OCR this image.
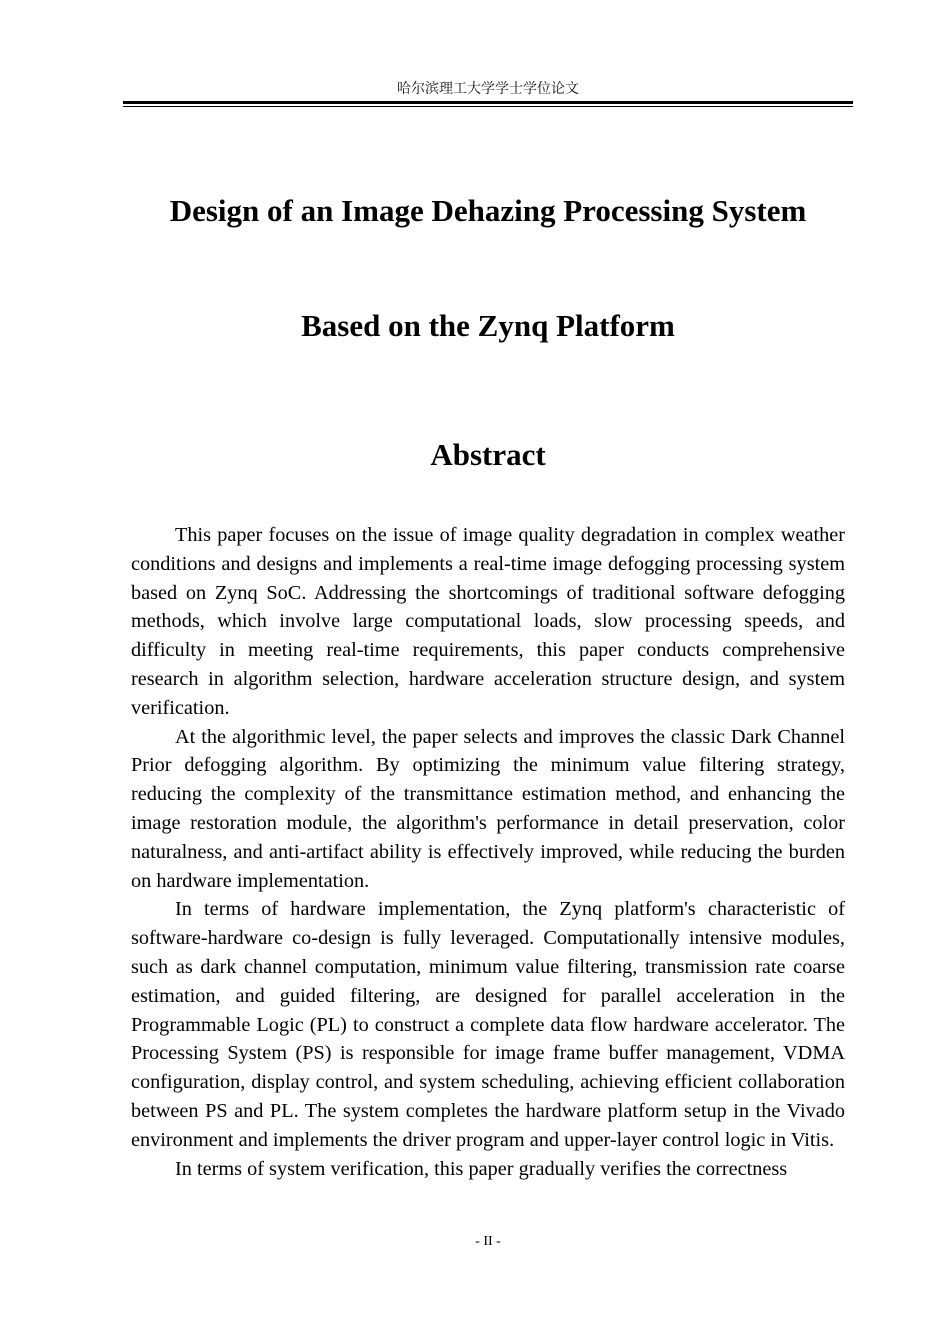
哈尔滨理工大学学士学位论文
Design of an Image Dehazing Processing System
Based on the Zynq Platform
Abstract

This paper focuses on the issue of image quality degradation in complex weather conditions and designs and implements a real-time image defogging processing system based on Zynq SoC. Addressing the shortcomings of traditional software defogging methods, which involve large computational loads, slow processing speeds, and difficulty in meeting real-time requirements, this paper conducts comprehensive research in algorithm selection, hardware acceleration structure design, and system verification.

At the algorithmic level, the paper selects and improves the classic Dark Channel Prior defogging algorithm. By optimizing the minimum value filtering strategy, reducing the complexity of the transmittance estimation method, and enhancing the image restoration module, the algorithm's performance in detail preservation, color naturalness, and anti-artifact ability is effectively improved, while reducing the burden on hardware implementation.

In terms of hardware implementation, the Zynq platform's characteristic of software-hardware co-design is fully leveraged. Computationally intensive modules, such as dark channel computation, minimum value filtering, transmission rate coarse estimation, and guided filtering, are designed for parallel acceleration in the Programmable Logic (PL) to construct a complete data flow hardware accelerator. The Processing System (PS) is responsible for image frame buffer management, VDMA configuration, display control, and system scheduling, achieving efficient collaboration between PS and PL. The system completes the hardware platform setup in the Vivado environment and implements the driver program and upper-layer control logic in Vitis.

In terms of system verification, this paper gradually verifies the correctness

- II -
